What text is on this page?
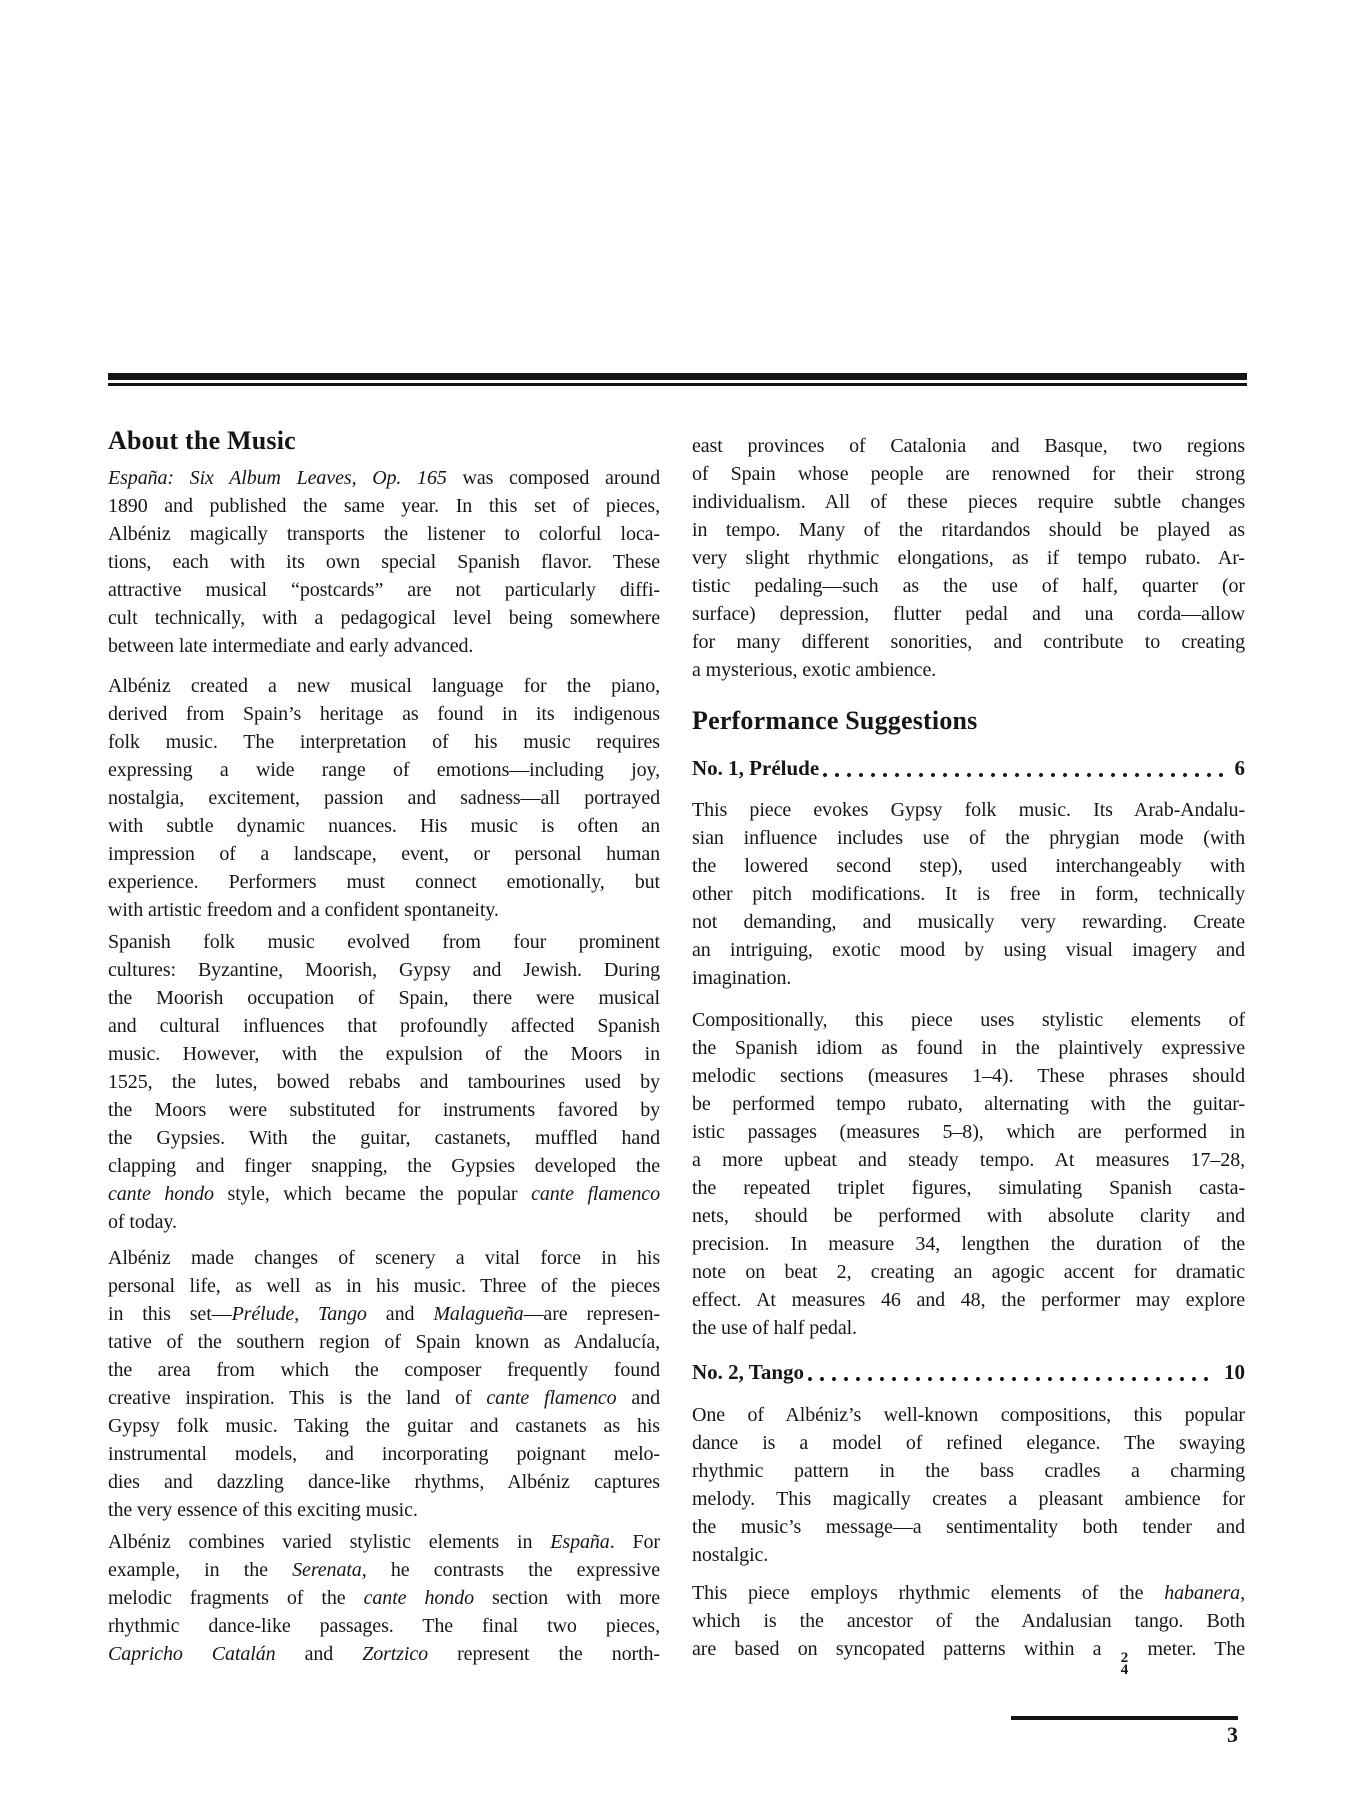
About the Music
España: Six Album Leaves, Op. 165 was composed around
1890 and published the same year. In this set of pieces,
Albéniz magically transports the listener to colorful loca-
tions, each with its own special Spanish flavor. These
attractive musical “postcards” are not particularly diffi-
cult technically, with a pedagogical level being somewhere
between late intermediate and early advanced.
Albéniz created a new musical language for the piano,
derived from Spain’s heritage as found in its indigenous
folk music. The interpretation of his music requires
expressing a wide range of emotions—including joy,
nostalgia, excitement, passion and sadness—all portrayed
with subtle dynamic nuances. His music is often an
impression of a landscape, event, or personal human
experience. Performers must connect emotionally, but
with artistic freedom and a confident spontaneity.
Spanish folk music evolved from four prominent
cultures: Byzantine, Moorish, Gypsy and Jewish. During
the Moorish occupation of Spain, there were musical
and cultural influences that profoundly affected Spanish
music. However, with the expulsion of the Moors in
1525, the lutes, bowed rebabs and tambourines used by
the Moors were substituted for instruments favored by
the Gypsies. With the guitar, castanets, muffled hand
clapping and finger snapping, the Gypsies developed the
cante hondo style, which became the popular cante flamenco
of today.
Albéniz made changes of scenery a vital force in his
personal life, as well as in his music. Three of the pieces
in this set—Prélude, Tango and Malagueña—are represen-
tative of the southern region of Spain known as Andalucía,
the area from which the composer frequently found
creative inspiration. This is the land of cante flamenco and
Gypsy folk music. Taking the guitar and castanets as his
instrumental models, and incorporating poignant melo-
dies and dazzling dance-like rhythms, Albéniz captures
the very essence of this exciting music.
Albéniz combines varied stylistic elements in España. For
example, in the Serenata, he contrasts the expressive
melodic fragments of the cante hondo section with more
rhythmic dance-like passages. The final two pieces,
Capricho Catalán and Zortzico represent the north-
east provinces of Catalonia and Basque, two regions
of Spain whose people are renowned for their strong
individualism. All of these pieces require subtle changes
in tempo. Many of the ritardandos should be played as
very slight rhythmic elongations, as if tempo rubato. Ar-
tistic pedaling—such as the use of half, quarter (or
surface) depression, flutter pedal and una corda—allow
for many different sonorities, and contribute to creating
a mysterious, exotic ambience.
Performance Suggestions
No. 1, Prélude	6
This piece evokes Gypsy folk music. Its Arab-Andalu-
sian influence includes use of the phrygian mode (with
the lowered second step), used interchangeably with
other pitch modifications. It is free in form, technically
not demanding, and musically very rewarding. Create
an intriguing, exotic mood by using visual imagery and
imagination.
Compositionally, this piece uses stylistic elements of
the Spanish idiom as found in the plaintively expressive
melodic sections (measures 1–4). These phrases should
be performed tempo rubato, alternating with the guitar-
istic passages (measures 5–8), which are performed in
a more upbeat and steady tempo. At measures 17–28,
the repeated triplet figures, simulating Spanish casta-
nets, should be performed with absolute clarity and
precision. In measure 34, lengthen the duration of the
note on beat 2, creating an agogic accent for dramatic
effect. At measures 46 and 48, the performer may explore
the use of half pedal.
No. 2, Tango	10
One of Albéniz’s well-known compositions, this popular
dance is a model of refined elegance. The swaying
rhythmic pattern in the bass cradles a charming
melody. This magically creates a pleasant ambience for
the music’s message—a sentimentality both tender and
nostalgic.
This piece employs rhythmic elements of the habanera,
which is the ancestor of the Andalusian tango. Both
are based on syncopated patterns within a 2
4
meter. The
3
